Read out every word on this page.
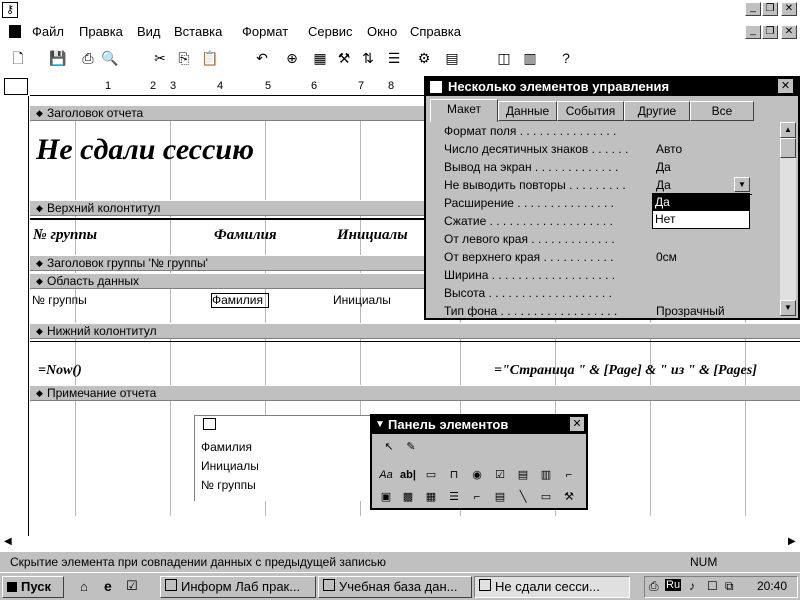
⚷	_ ❐	✕
Файл Правка Вид Вставка Формат Сервис Окно Справка	_ ❐	✕
🗋	💾	⎙ 🔍	✂ ⎘ 📋	↶ ⊕ ▦ ⚒ ⇅ ☰ ⚙ ▤	◫ ▥	?
1	2 3	4	5	6	7 8
◆ Заголовок отчета
Не сдали сессию
◆ Верхний колонтитул
№ группы	Фамилия	Инициалы
◆ Заголовок группы '№ группы'
◆ Область данных
№ группы	Фамилия	Инициалы
◆ Нижний колонтитул
=Now()	="Страница " & [Page] & " из " & [Pages]
◆ Примечание отчета
Фамилия
Инициалы
№ группы
Несколько элементов управления	✕
Макет	Данные	События	Другие	Все
Формат поля . . . . . . . . . . . . . . .
Число десятичных знаков . . . . . . Авто
Вывод на экран . . . . . . . . . . . . .	Да
Не выводить повторы . . . . . . . . .	Да
Расширение . . . . . . . . . . . . . . .
Сжатие . . . . . . . . . . . . . . . . . . .
От левого края . . . . . . . . . . . . .
От верхнего края . . . . . . . . . . .	0см
Ширина . . . . . . . . . . . . . . . . . . .
Высота . . . . . . . . . . . . . . . . . . .
Тип фона . . . . . . . . . . . . . . . . . .	Прозрачный
▼
Да
Нет
▲
▼
▼ Панель элементов	✕
↖	✎
Aa ab| ▭	⊓	◉	☑	▤	▥	⌐
▣	▩	▦	☰	⌐	▤	╲	▭	⚒
◀	▶
Скрытие элемента при совпадении данных с предыдущей записью	NUM
Пуск ⌂ e ☑	Информ Лаб прак...	Учебная база дан...	Не сдали сесси...	⎙ Ru ♪ ☐ ⧉ 20:40
